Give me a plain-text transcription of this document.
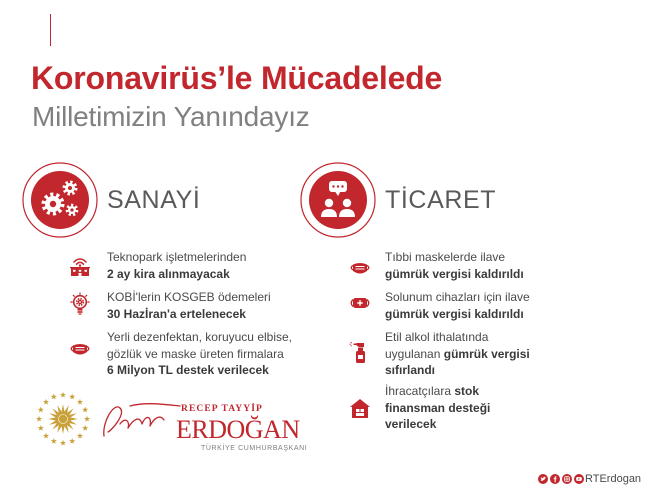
Koronavirüs’le Mücadelede
Milletimizin Yanındayız
SANAYİ
Teknopark işletmelerinden
2 ay kira alınmayacak
KOBİ'lerin KOSGEB ödemeleri
30 Hazİran'a ertelenecek
Yerli dezenfektan, koruyucu elbise,
gözlük ve maske üreten firmalara
6 Milyon TL destek verilecek
TİCARET
Tıbbi maskelerde ilave
gümrük vergisi kaldırıldı
Solunum cihazları için ilave
gümrük vergisi kaldırıldı
Etil alkol ithalatında
uygulanan gümrük vergisi
sıfırlandı
İhracatçılara stok
finansman desteği
verilecek
RECEP TAYYİP
ERDOĞAN
TÜRKİYE CUMHURBAŞKANI
RTErdogan
